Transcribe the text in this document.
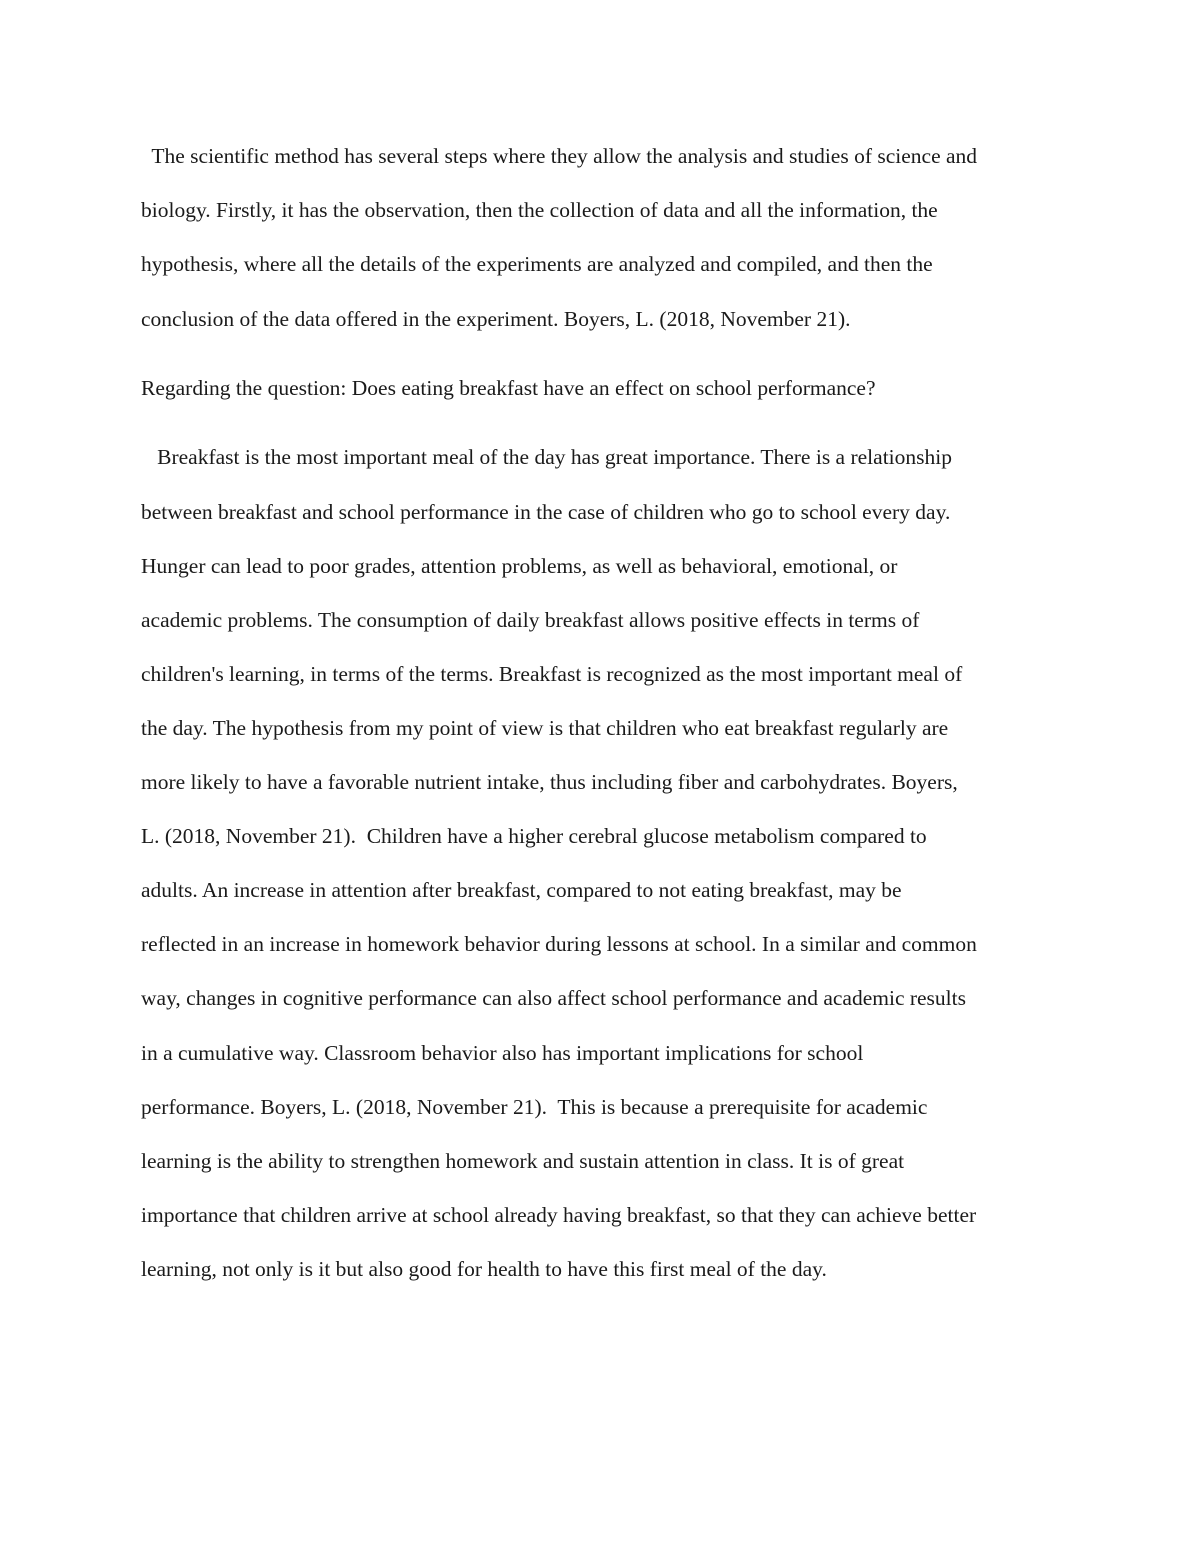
The scientific method has several steps where they allow the analysis and studies of science and
biology. Firstly, it has the observation, then the collection of data and all the information, the
hypothesis, where all the details of the experiments are analyzed and compiled, and then the
conclusion of the data offered in the experiment. Boyers, L. (2018, November 21).
Regarding the question: Does eating breakfast have an effect on school performance?
Breakfast is the most important meal of the day has great importance. There is a relationship
between breakfast and school performance in the case of children who go to school every day.
Hunger can lead to poor grades, attention problems, as well as behavioral, emotional, or
academic problems. The consumption of daily breakfast allows positive effects in terms of
children's learning, in terms of the terms. Breakfast is recognized as the most important meal of
the day. The hypothesis from my point of view is that children who eat breakfast regularly are
more likely to have a favorable nutrient intake, thus including fiber and carbohydrates. Boyers,
L. (2018, November 21).  Children have a higher cerebral glucose metabolism compared to
adults. An increase in attention after breakfast, compared to not eating breakfast, may be
reflected in an increase in homework behavior during lessons at school. In a similar and common
way, changes in cognitive performance can also affect school performance and academic results
in a cumulative way. Classroom behavior also has important implications for school
performance. Boyers, L. (2018, November 21).  This is because a prerequisite for academic
learning is the ability to strengthen homework and sustain attention in class. It is of great
importance that children arrive at school already having breakfast, so that they can achieve better
learning, not only is it but also good for health to have this first meal of the day.
